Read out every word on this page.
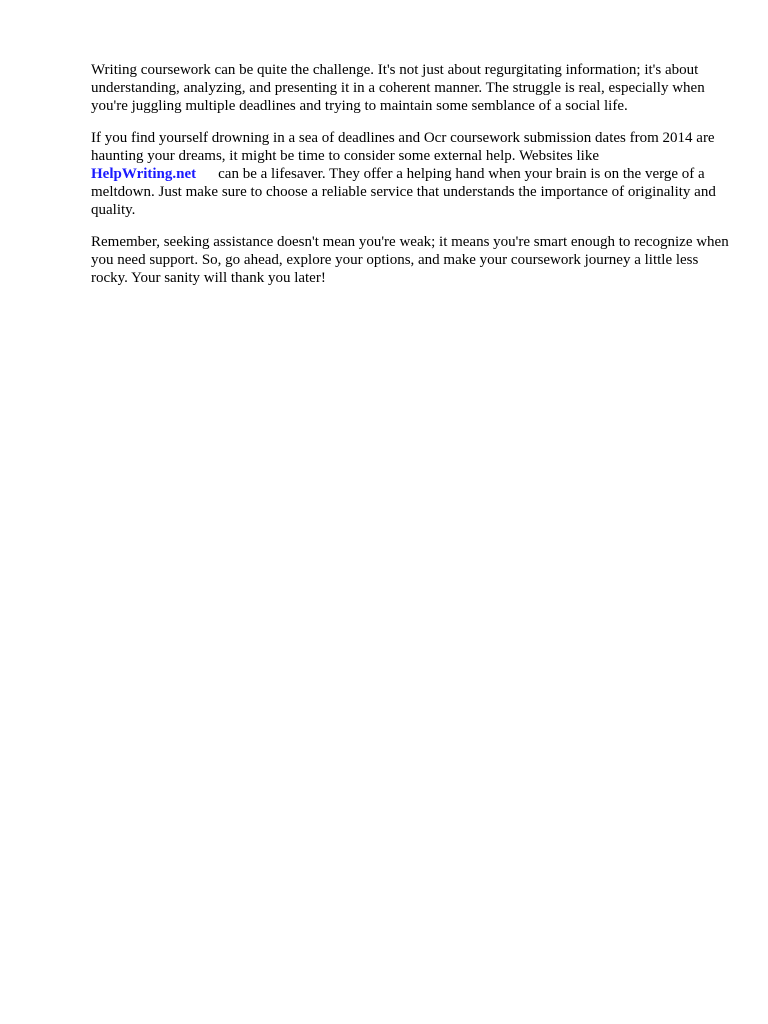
Writing coursework can be quite the challenge. It's not just about regurgitating information; it's about understanding, analyzing, and presenting it in a coherent manner. The struggle is real, especially when you're juggling multiple deadlines and trying to maintain some semblance of a social life.

If you find yourself drowning in a sea of deadlines and Ocr coursework submission dates from 2014 are haunting your dreams, it might be time to consider some external help. Websites like
HelpWriting.net can be a lifesaver. They offer a helping hand when your brain is on the verge of a meltdown. Just make sure to choose a reliable service that understands the importance of originality and quality.

Remember, seeking assistance doesn't mean you're weak; it means you're smart enough to recognize when you need support. So, go ahead, explore your options, and make your coursework journey a little less rocky. Your sanity will thank you later!
